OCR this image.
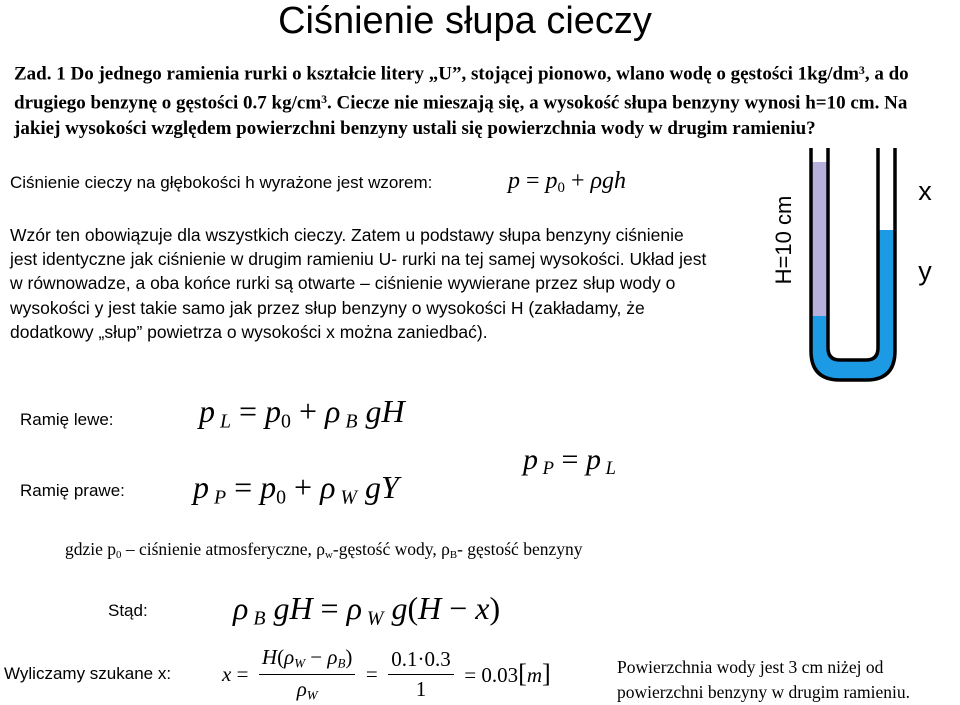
Ciśnienie słupa cieczy
Zad. 1 Do jednego ramienia rurki o kształcie litery „U”, stojącej pionowo, wlano wodę o gęstości $1kg/dm^3$, a do drugiego benzynę o gęstości 0.7 $kg/cm^3$. Ciecze nie mieszają się, a wysokość słupa benzyny wynosi h=10 cm. Na jakiej wysokości względem powierzchni benzyny ustali się powierzchnia wody w drugim ramieniu?
Ciśnienie cieczy na głębokości h wyrażone jest wzorem:	p = p0 + ρgh
Wzór ten obowiązuje dla wszystkich cieczy. Zatem u podstawy słupa benzyny ciśnienie jest identyczne jak ciśnienie w drugim ramieniu U- rurki na tej samej wysokości. Układ jest w równowadze, a oba końce rurki są otwarte – ciśnienie wywierane przez słup wody o wysokości y jest takie samo jak przez słup benzyny o wysokości H (zakładamy, że dodatkowy „słup” powietrza o wysokości x można zaniedbać).
Ramię lewe:
Ramię prawe:
p $_L$ = p0 + ρ $_B$ gH
p $_P$ = p0 + ρ $_W$ gY
p $_P$ = p $_L$
gdzie p0 – ciśnienie atmosferyczne, ρw-gęstość wody, ρB- gęstość benzyny
Stąd:	ρ $_B$ gH = ρ $_W$ g(H − x)
Wyliczamy szukane x: $x = \frac{H(\rho_W - \rho_B)}{\rho_W} = \frac{0.1\cdot 0.3}{1} = 0.03[m]$	Powierzchnia wody jest 3 cm niżej od powierzchni benzyny w drugim ramieniu.
H=10 cm
x
y
